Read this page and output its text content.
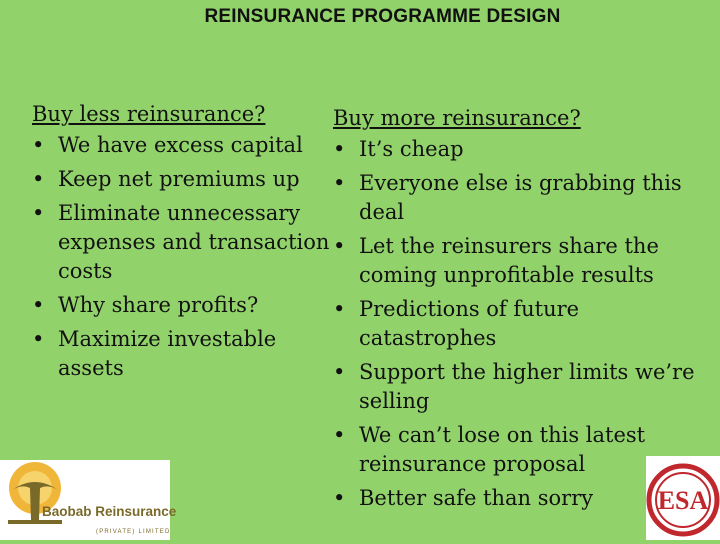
REINSURANCE PROGRAMME DESIGN
Buy less reinsurance?
• We have excess capital
• Keep net premiums up
• Eliminate unnecessary expenses and transaction costs
• Why share profits?
• Maximize investable assets
Buy more reinsurance?
• It’s cheap
• Everyone else is grabbing this deal
• Let the reinsurers share the coming unprofitable results
• Predictions of future catastrophes
• Support the higher limits we’re selling
• We can’t lose on this latest reinsurance proposal
• Better safe than sorry
Baobab Reinsurance
(PRIVATE) LIMITED
ESA
